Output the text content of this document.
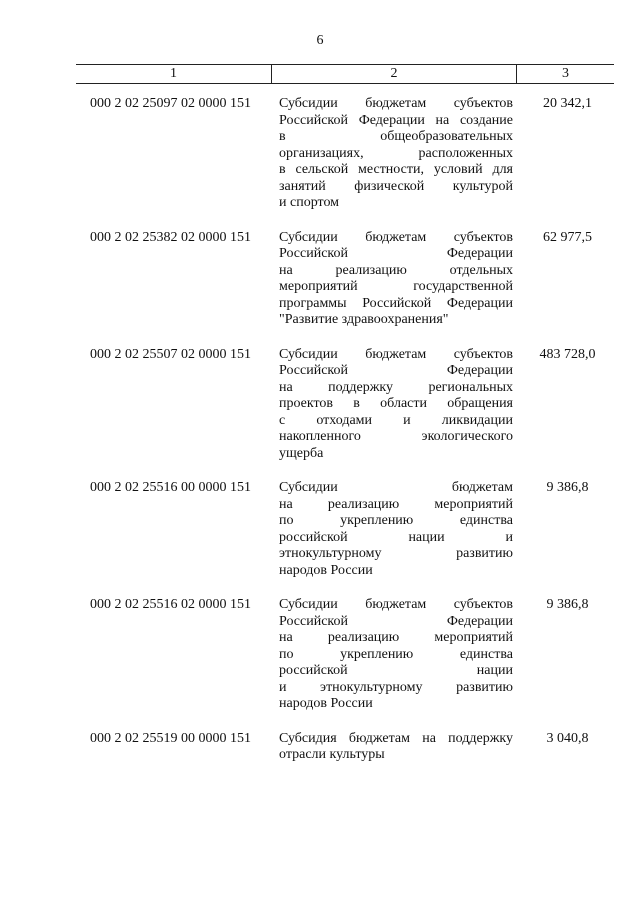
6
1	2	3
000 2 02 25097 02 0000 151	Субсидии бюджетам субъектов
Российской Федерации на создание
в общеобразовательных
организациях, расположенных
в сельской местности, условий для
занятий физической культурой
и спортом
20 342,1
000 2 02 25382 02 0000 151	Субсидии бюджетам субъектов
Российской Федерации
на реализацию отдельных
мероприятий государственной
программы Российской Федерации
"Развитие здравоохранения"
62 977,5
000 2 02 25507 02 0000 151	Субсидии бюджетам субъектов
Российской Федерации
на поддержку региональных
проектов в области обращения
с отходами и ликвидации
накопленного экологического
ущерба
483 728,0
000 2 02 25516 00 0000 151	Субсидии бюджетам
на реализацию мероприятий
по укреплению единства
российской нации и
этнокультурному развитию
народов России
9 386,8
000 2 02 25516 02 0000 151	Субсидии бюджетам субъектов
Российской Федерации
на реализацию мероприятий
по укреплению единства
российской нации
и этнокультурному развитию
народов России
9 386,8
000 2 02 25519 00 0000 151	Субсидия бюджетам на поддержку
отрасли культуры
3 040,8
